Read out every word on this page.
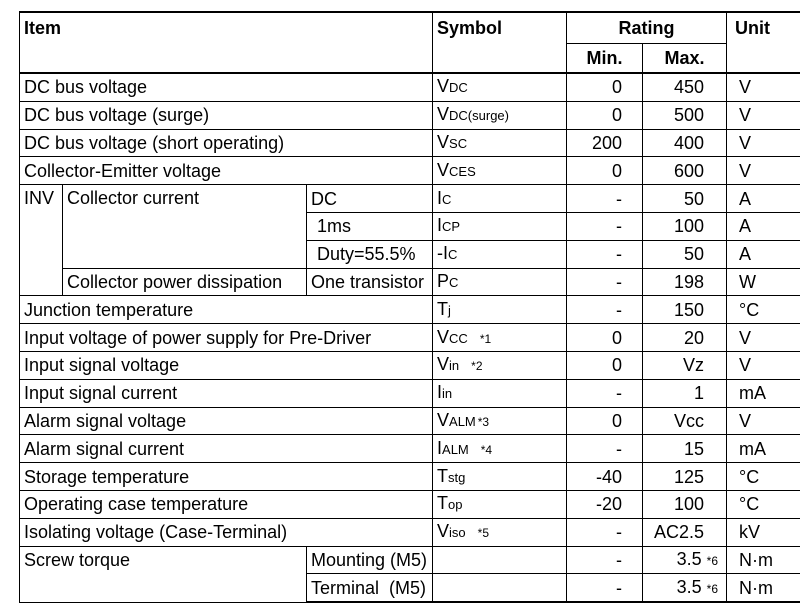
Item			Symbol	Rating		Unit
				Min.	Max.	
DC bus voltage			VDC	0	450	V
DC bus voltage (surge)			VDC(surge)	0	500	V
DC bus voltage (short operating)			VSC	200	400	V
Collector-Emitter voltage			VCES	0	600	V
INV	Collector current	DC	IC	-	50	A
		1ms	ICP	-	100	A
		Duty=55.5%	-IC	-	50	A
	Collector power dissipation	One transistor	PC	-	198	W
Junction temperature			Tj	-	150	°C
Input voltage of power supply for Pre-Driver			VCC *1	0	20	V
Input signal voltage			Vin *2	0	Vz	V
Input signal current			Iin	-	1	mA
Alarm signal voltage			VALM *3	0	Vcc	V
Alarm signal current			IALM *4	-	15	mA
Storage temperature			Tstg	-40	125	°C
Operating case temperature			Top	-20	100	°C
Isolating voltage (Case-Terminal)			Viso *5	-	AC2.5	kV
Screw torque		Mounting (M5)		-	3.5 *6	N·m
		Terminal  (M5)		-	3.5 *6	N·m
